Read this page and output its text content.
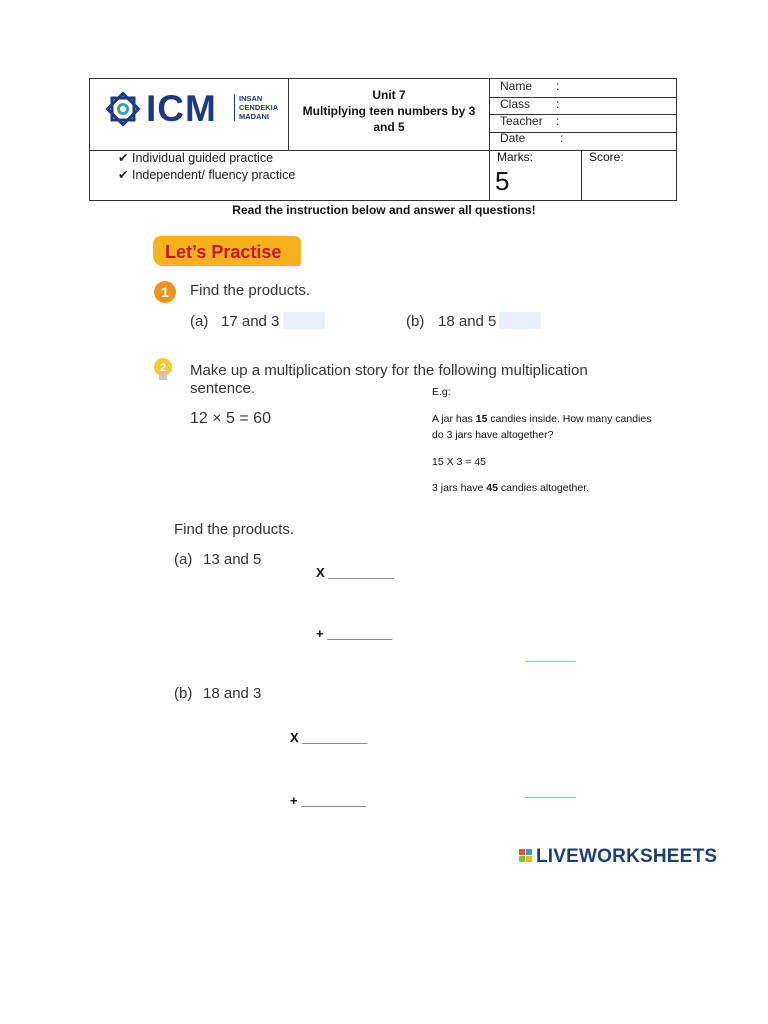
ICM	INSAN
CENDEKIA
MADANI
Unit 7
Multiplying teen numbers by 3
and 5
Name :
Class :
Teacher :
Date	:
✔ Individual guided practice
✔ Independent/ fluency practice
Marks:
5
Score:
Read the instruction below and answer all questions!
Let’s Practise
1	Find the products.
(a) 17 and 3	(b) 18 and 5
2 Make up a multiplication story for the following multiplication
sentence.
12 × 5 = 60
E.g:
A jar has 15 candies inside. How many candies
do 3 jars have altogether?
15 X 3 = 45
3 jars have 45 candies altogether.
Find the products.
(a) 13 and 5
X _________
+ _________
(b) 18 and 3
X _________
+ _________
LIVEWORKSHEETS
